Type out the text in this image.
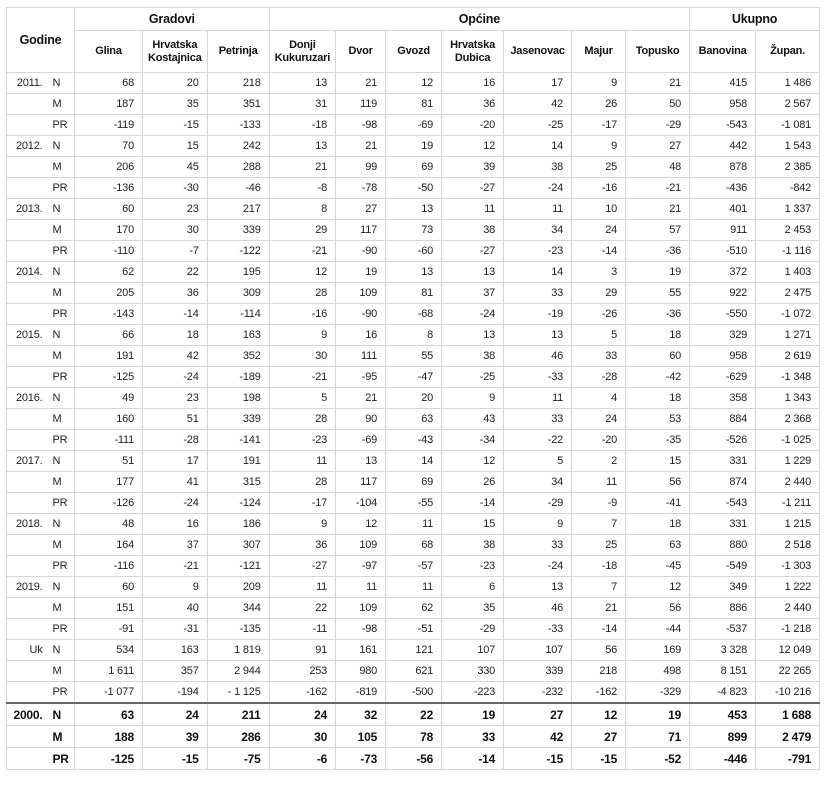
Godine		Gradovi			Općine							Ukupno	
		Glina	Hrvatska Kostajnica	Petrinja	Donji Kukuruzari	Dvor	Gvozd	Hrvatska Dubica	Jasenovac	Majur	Topusko	Banovina	Župan.
2011.	N	68	20	218	13	21	12	16	17	9	21	415	1 486
	M	187	35	351	31	119	81	36	42	26	50	958	2 567
	PR	-119	-15	-133	-18	-98	-69	-20	-25	-17	-29	-543	-1 081
2012.	N	70	15	242	13	21	19	12	14	9	27	442	1 543
	M	206	45	288	21	99	69	39	38	25	48	878	2 385
	PR	-136	-30	-46	-8	-78	-50	-27	-24	-16	-21	-436	-842
2013.	N	60	23	217	8	27	13	11	11	10	21	401	1 337
	M	170	30	339	29	117	73	38	34	24	57	911	2 453
	PR	-110	-7	-122	-21	-90	-60	-27	-23	-14	-36	-510	-1 116
2014.	N	62	22	195	12	19	13	13	14	3	19	372	1 403
	M	205	36	309	28	109	81	37	33	29	55	922	2 475
	PR	-143	-14	-114	-16	-90	-68	-24	-19	-26	-36	-550	-1 072
2015.	N	66	18	163	9	16	8	13	13	5	18	329	1 271
	M	191	42	352	30	111	55	38	46	33	60	958	2 619
	PR	-125	-24	-189	-21	-95	-47	-25	-33	-28	-42	-629	-1 348
2016.	N	49	23	198	5	21	20	9	11	4	18	358	1 343
	M	160	51	339	28	90	63	43	33	24	53	884	2 368
	PR	-111	-28	-141	-23	-69	-43	-34	-22	-20	-35	-526	-1 025
2017.	N	51	17	191	11	13	14	12	5	2	15	331	1 229
	M	177	41	315	28	117	69	26	34	11	56	874	2 440
	PR	-126	-24	-124	-17	-104	-55	-14	-29	-9	-41	-543	-1 211
2018.	N	48	16	186	9	12	11	15	9	7	18	331	1 215
	M	164	37	307	36	109	68	38	33	25	63	880	2 518
	PR	-116	-21	-121	-27	-97	-57	-23	-24	-18	-45	-549	-1 303
2019.	N	60	9	209	11	11	11	6	13	7	12	349	1 222
	M	151	40	344	22	109	62	35	46	21	56	886	2 440
	PR	-91	-31	-135	-11	-98	-51	-29	-33	-14	-44	-537	-1 218
Uk	N	534	163	1 819	91	161	121	107	107	56	169	3 328	12 049
	M	1 611	357	2 944	253	980	621	330	339	218	498	8 151	22 265
	PR	-1 077	-194	- 1 125	-162	-819	-500	-223	-232	-162	-329	-4 823	-10 216
2000.	N	63	24	211	24	32	22	19	27	12	19	453	1 688
	M	188	39	286	30	105	78	33	42	27	71	899	2 479
	PR	-125	-15	-75	-6	-73	-56	-14	-15	-15	-52	-446	-791
